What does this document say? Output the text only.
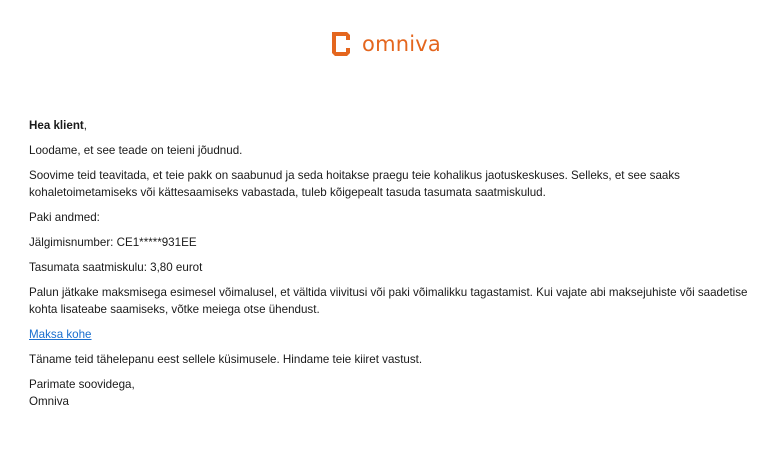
omniva

Hea klient,

Loodame, et see teade on teieni jõudnud.

Soovime teid teavitada, et teie pakk on saabunud ja seda hoitakse praegu teie kohalikus jaotuskeskuses. Selleks, et see saaks kohaletoimetamiseks või kättesaamiseks vabastada, tuleb kõigepealt tasuda tasumata saatmiskulud.

Paki andmed:

Jälgimisnumber: CE1*****931EE

Tasumata saatmiskulu: 3,80 eurot

Palun jätkake maksmisega esimesel võimalusel, et vältida viivitusi või paki võimalikku tagastamist. Kui vajate abi maksejuhiste või saadetise kohta lisateabe saamiseks, võtke meiega otse ühendust.

Maksa kohe

Täname teid tähelepanu eest sellele küsimusele. Hindame teie kiiret vastust.

Parimate soovidega,
Omniva
